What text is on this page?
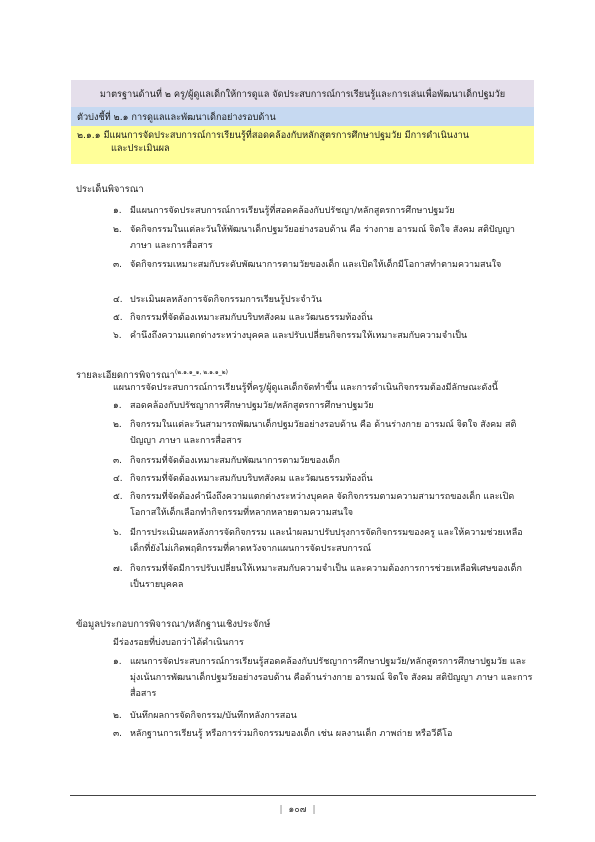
มาตรฐานด้านที่ ๒ ครู/ผู้ดูแลเด็กให้การดูแล จัดประสบการณ์การเรียนรู้และการเล่นเพื่อพัฒนาเด็กปฐมวัย
ตัวบ่งชี้ที่ ๒.๑ การดูแลและพัฒนาเด็กอย่างรอบด้าน
๒.๑.๑ มีแผนการจัดประสบการณ์การเรียนรู้ที่สอดคล้องกับหลักสูตรการศึกษาปฐมวัย มีการดำเนินงาน
และประเมินผล
ประเด็นพิจารณา
๑. มีแผนการจัดประสบการณ์การเรียนรู้ที่สอดคล้องกับปรัชญา/หลักสูตรการศึกษาปฐมวัย
๒. จัดกิจกรรมในแต่ละวันให้พัฒนาเด็กปฐมวัยอย่างรอบด้าน คือ ร่างกาย อารมณ์ จิตใจ สังคม สติปัญญา ภาษา และการสื่อสาร
๓. จัดกิจกรรมเหมาะสมกับระดับพัฒนาการตามวัยของเด็ก และเปิดให้เด็กมีโอกาสทำตามความสนใจ
๔. ประเมินผลหลังการจัดกิจกรรมการเรียนรู้ประจำวัน
๕. กิจกรรมที่จัดต้องเหมาะสมกับบริบทสังคม และวัฒนธรรมท้องถิ่น
๖. คำนึงถึงความแตกต่างระหว่างบุคคล และปรับเปลี่ยนกิจกรรมให้เหมาะสมกับความจำเป็น
รายละเอียดการพิจารณา$^{(๒.๑.๑\_๑, ๒.๑.๑\_๒)}$
แผนการจัดประสบการณ์การเรียนรู้ที่ครู/ผู้ดูแลเด็กจัดทำขึ้น และการดำเนินกิจกรรมต้องมีลักษณะดังนี้
๑. สอดคล้องกับปรัชญาการศึกษาปฐมวัย/หลักสูตรการศึกษาปฐมวัย
๒. กิจกรรมในแต่ละวันสามารถพัฒนาเด็กปฐมวัยอย่างรอบด้าน คือ ด้านร่างกาย อารมณ์ จิตใจ สังคม สติปัญญา ภาษา และการสื่อสาร
๓. กิจกรรมที่จัดต้องเหมาะสมกับพัฒนาการตามวัยของเด็ก
๔. กิจกรรมที่จัดต้องเหมาะสมกับบริบทสังคม และวัฒนธรรมท้องถิ่น
๕. กิจกรรมที่จัดต้องคำนึงถึงความแตกต่างระหว่างบุคคล จัดกิจกรรมตามความสามารถของเด็ก และเปิดโอกาสให้เด็กเลือกทำกิจกรรมที่หลากหลายตามความสนใจ
๖. มีการประเมินผลหลังการจัดกิจกรรม และนำผลมาปรับปรุงการจัดกิจกรรมของครู และให้ความช่วยเหลือเด็กที่ยังไม่เกิดพฤติกรรมที่คาดหวังจากแผนการจัดประสบการณ์
๗. กิจกรรมที่จัดมีการปรับเปลี่ยนให้เหมาะสมกับความจำเป็น และความต้องการการช่วยเหลือพิเศษของเด็กเป็นรายบุคคล
ข้อมูลประกอบการพิจารณา/หลักฐานเชิงประจักษ์
มีร่องรอยที่บ่งบอกว่าได้ดำเนินการ
๑. แผนการจัดประสบการณ์การเรียนรู้สอดคล้องกับปรัชญาการศึกษาปฐมวัย/หลักสูตรการศึกษาปฐมวัย และมุ่งเน้นการพัฒนาเด็กปฐมวัยอย่างรอบด้าน คือด้านร่างกาย อารมณ์ จิตใจ สังคม สติปัญญา ภาษา และการสื่อสาร
๒. บันทึกผลการจัดกิจกรรม/บันทึกหลังการสอน
๓. หลักฐานการเรียนรู้ หรือการร่วมกิจกรรมของเด็ก เช่น ผลงานเด็ก ภาพถ่าย หรือวีดีโอ
| ๑๐๗ |
